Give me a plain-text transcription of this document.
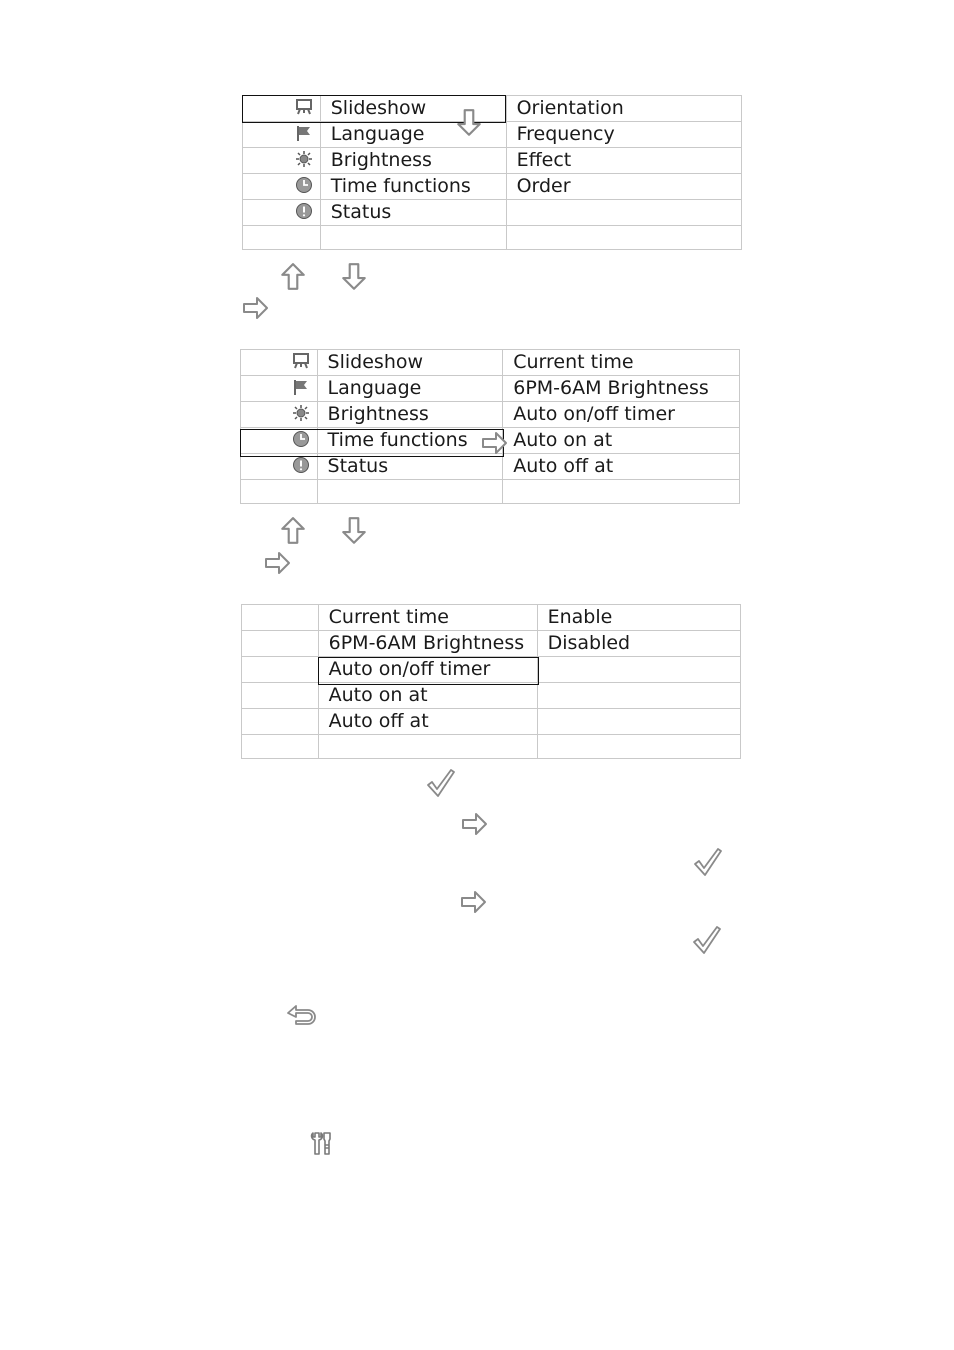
	Slideshow	Orientation
	Language	Frequency
	Brightness	Effect
	Time functions	Order
	Status	

	Slideshow	Current time
	Language	6PM-6AM Brightness
	Brightness	Auto on/off timer
	Time functions	Auto on at
	Status	Auto off at

	Current time	Enable
	6PM-6AM Brightness	Disabled
	Auto on/off timer	
	Auto on at	
	Auto off at	
